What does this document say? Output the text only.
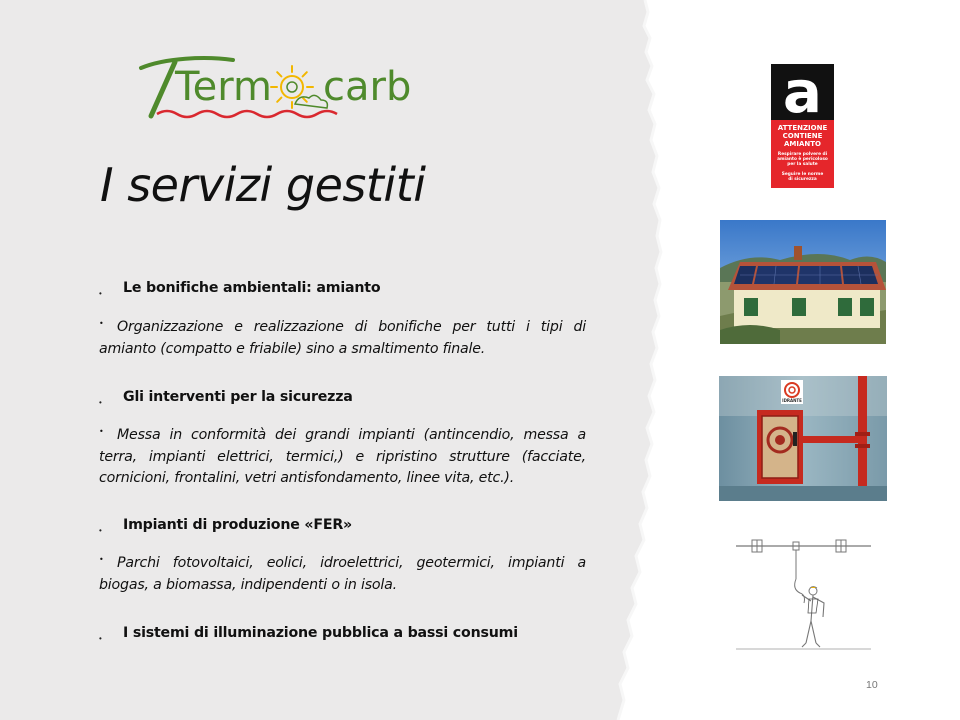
Term carb
I servizi gestiti
• Le bonifiche ambientali: amianto

• Organizzazione e realizzazione di bonifiche per tutti i tipi di amianto (compatto e friabile) sino a smaltimento finale.

• Gli interventi per la sicurezza

• Messa in conformità dei grandi impianti (antincendio, messa a terra, impianti elettrici, termici,) e ripristino strutture (facciate, cornicioni, frontalini, vetri antisfondamento, linee vita, etc.).

• Impianti di produzione «FER»

• Parchi fotovoltaici, eolici, idroelettrici, geotermici, impianti a biogas, a biomassa, indipendenti o in isola.

• I sistemi di illuminazione pubblica a bassi consumi
a
ATTENZIONE
CONTIENE
AMIANTO
Respirare polvere di
amianto è pericoloso
per la salute
Seguire le norme
di sicurezza
IDRANTE
10
